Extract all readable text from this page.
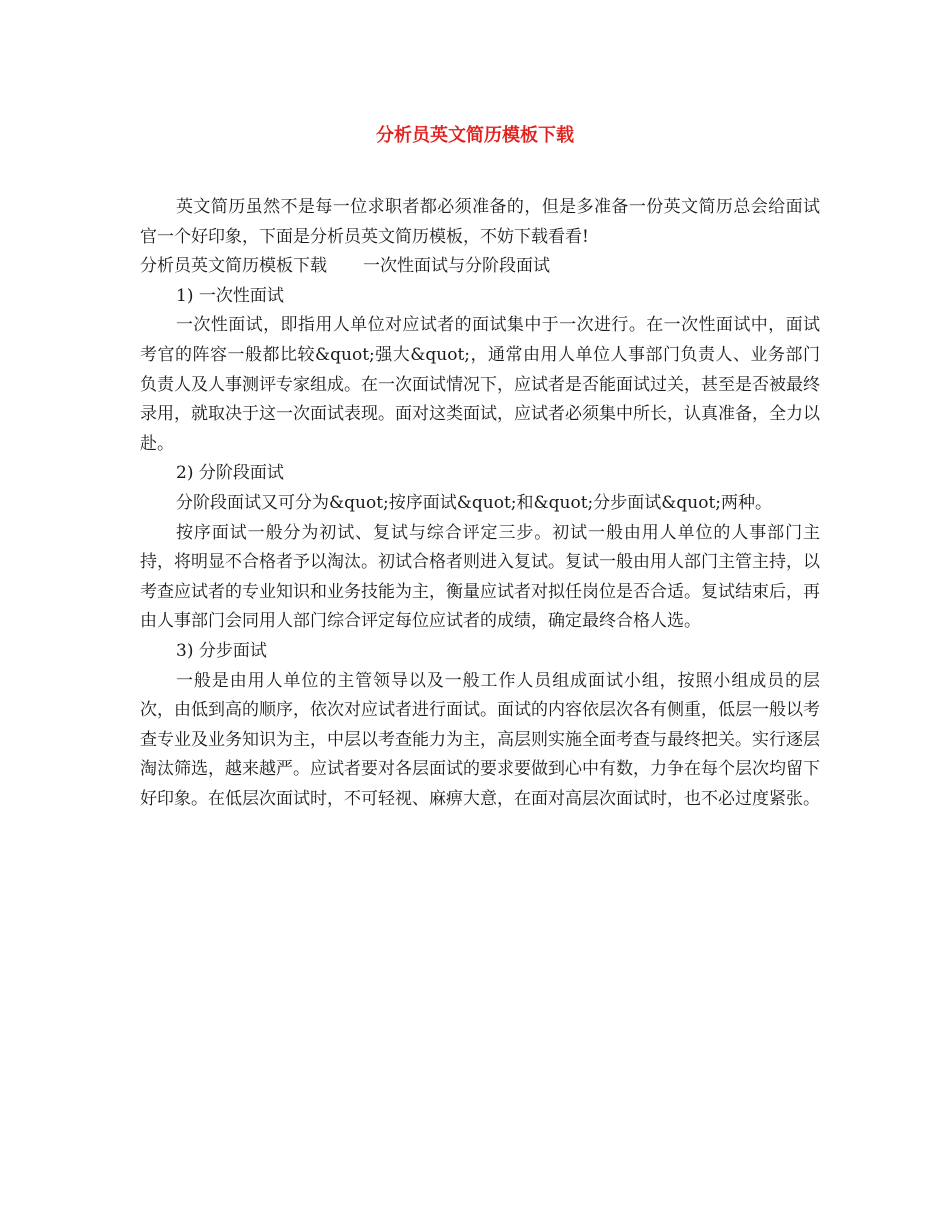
分析员英文简历模板下载

英文简历虽然不是每一位求职者都必须准备的，但是多准备一份英文简历总会给面试官一个好印象，下面是分析员英文简历模板，不妨下载看看!

分析员英文简历模板下载 一次性面试与分阶段面试

1) 一次性面试

一次性面试，即指用人单位对应试者的面试集中于一次进行。在一次性面试中，面试考官的阵容一般都比较&quot;强大&quot;，通常由用人单位人事部门负责人、业务部门负责人及人事测评专家组成。在一次面试情况下，应试者是否能面试过关，甚至是否被最终录用，就取决于这一次面试表现。面对这类面试，应试者必须集中所长，认真准备，全力以赴。

2) 分阶段面试

分阶段面试又可分为&quot;按序面试&quot;和&quot;分步面试&quot;两种。

按序面试一般分为初试、复试与综合评定三步。初试一般由用人单位的人事部门主持，将明显不合格者予以淘汰。初试合格者则进入复试。复试一般由用人部门主管主持，以考查应试者的专业知识和业务技能为主，衡量应试者对拟任岗位是否合适。复试结束后，再由人事部门会同用人部门综合评定每位应试者的成绩，确定最终合格人选。

3) 分步面试

一般是由用人单位的主管领导以及一般工作人员组成面试小组，按照小组成员的层次，由低到高的顺序，依次对应试者进行面试。面试的内容依层次各有侧重，低层一般以考查专业及业务知识为主，中层以考查能力为主，高层则实施全面考查与最终把关。实行逐层淘汰筛选，越来越严。应试者要对各层面试的要求要做到心中有数，力争在每个层次均留下好印象。在低层次面试时，不可轻视、麻痹大意，在面对高层次面试时，也不必过度紧张。
